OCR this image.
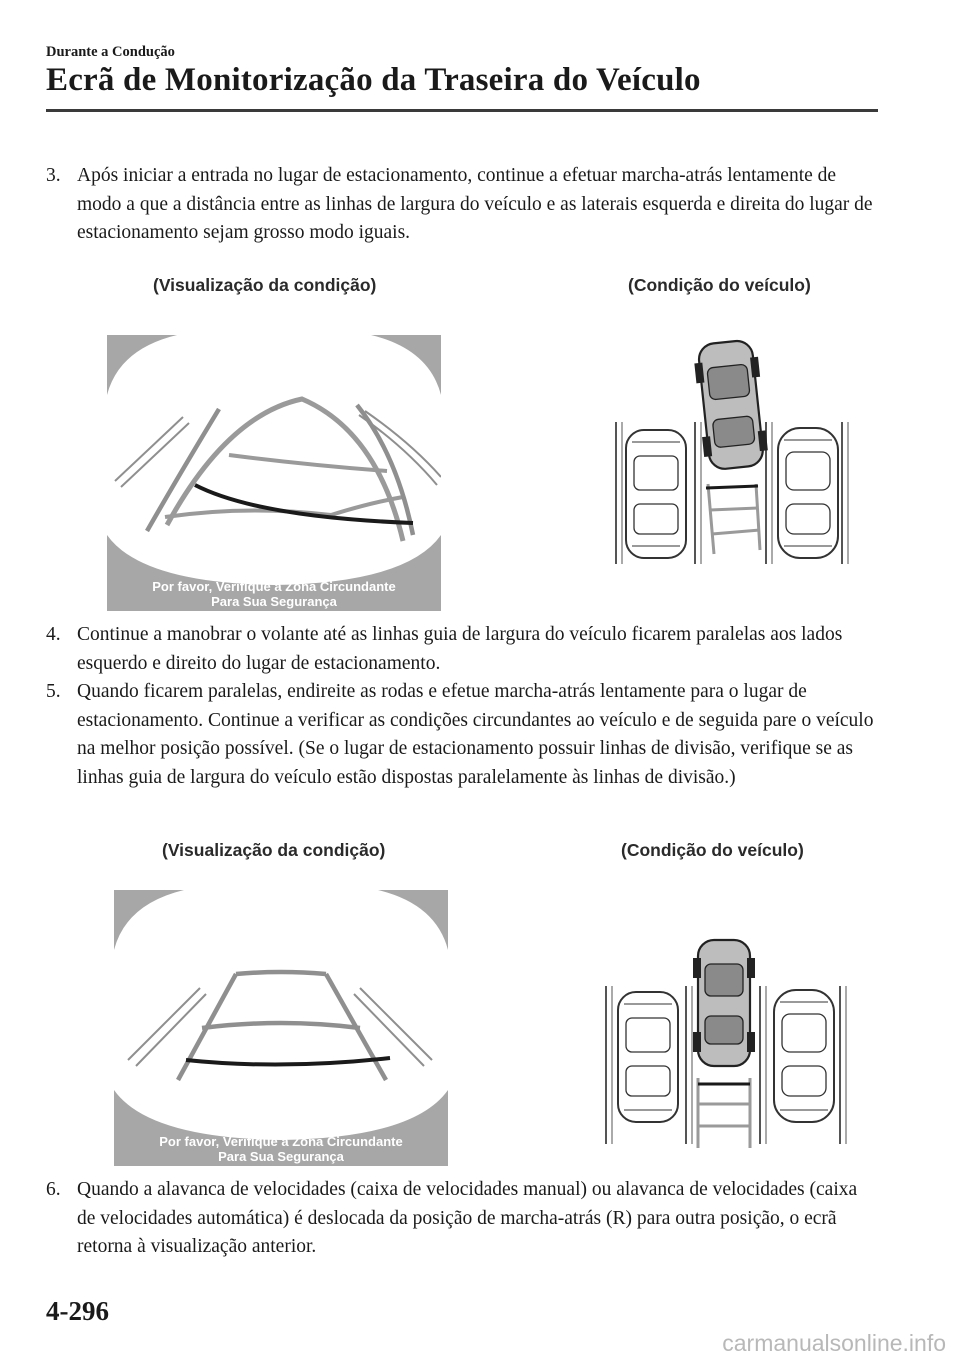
Durante a Condução
Ecrã de Monitorização da Traseira do Veículo
3. Após iniciar a entrada no lugar de estacionamento, continue a efetuar marcha-atrás lentamente de modo a que a distância entre as linhas de largura do veículo e as laterais esquerda e direita do lugar de estacionamento sejam grosso modo iguais.
(Visualização da condição)	(Condição do veículo)
Por favor, Verifique a Zona Circundante
Para Sua Segurança
4. Continue a manobrar o volante até as linhas guia de largura do veículo ficarem paralelas aos lados esquerdo e direito do lugar de estacionamento.
5. Quando ficarem paralelas, endireite as rodas e efetue marcha-atrás lentamente para o lugar de estacionamento. Continue a verificar as condições circundantes ao veículo e de seguida pare o veículo na melhor posição possível. (Se o lugar de estacionamento possuir linhas de divisão, verifique se as linhas guia de largura do veículo estão dispostas paralelamente às linhas de divisão.)
(Visualização da condição)	(Condição do veículo)
Por favor, Verifique a Zona Circundante
Para Sua Segurança
6. Quando a alavanca de velocidades (caixa de velocidades manual) ou alavanca de velocidades (caixa de velocidades automática) é deslocada da posição de marcha-atrás (R) para outra posição, o ecrã retorna à visualização anterior.
4-296
carmanualsonline.info
